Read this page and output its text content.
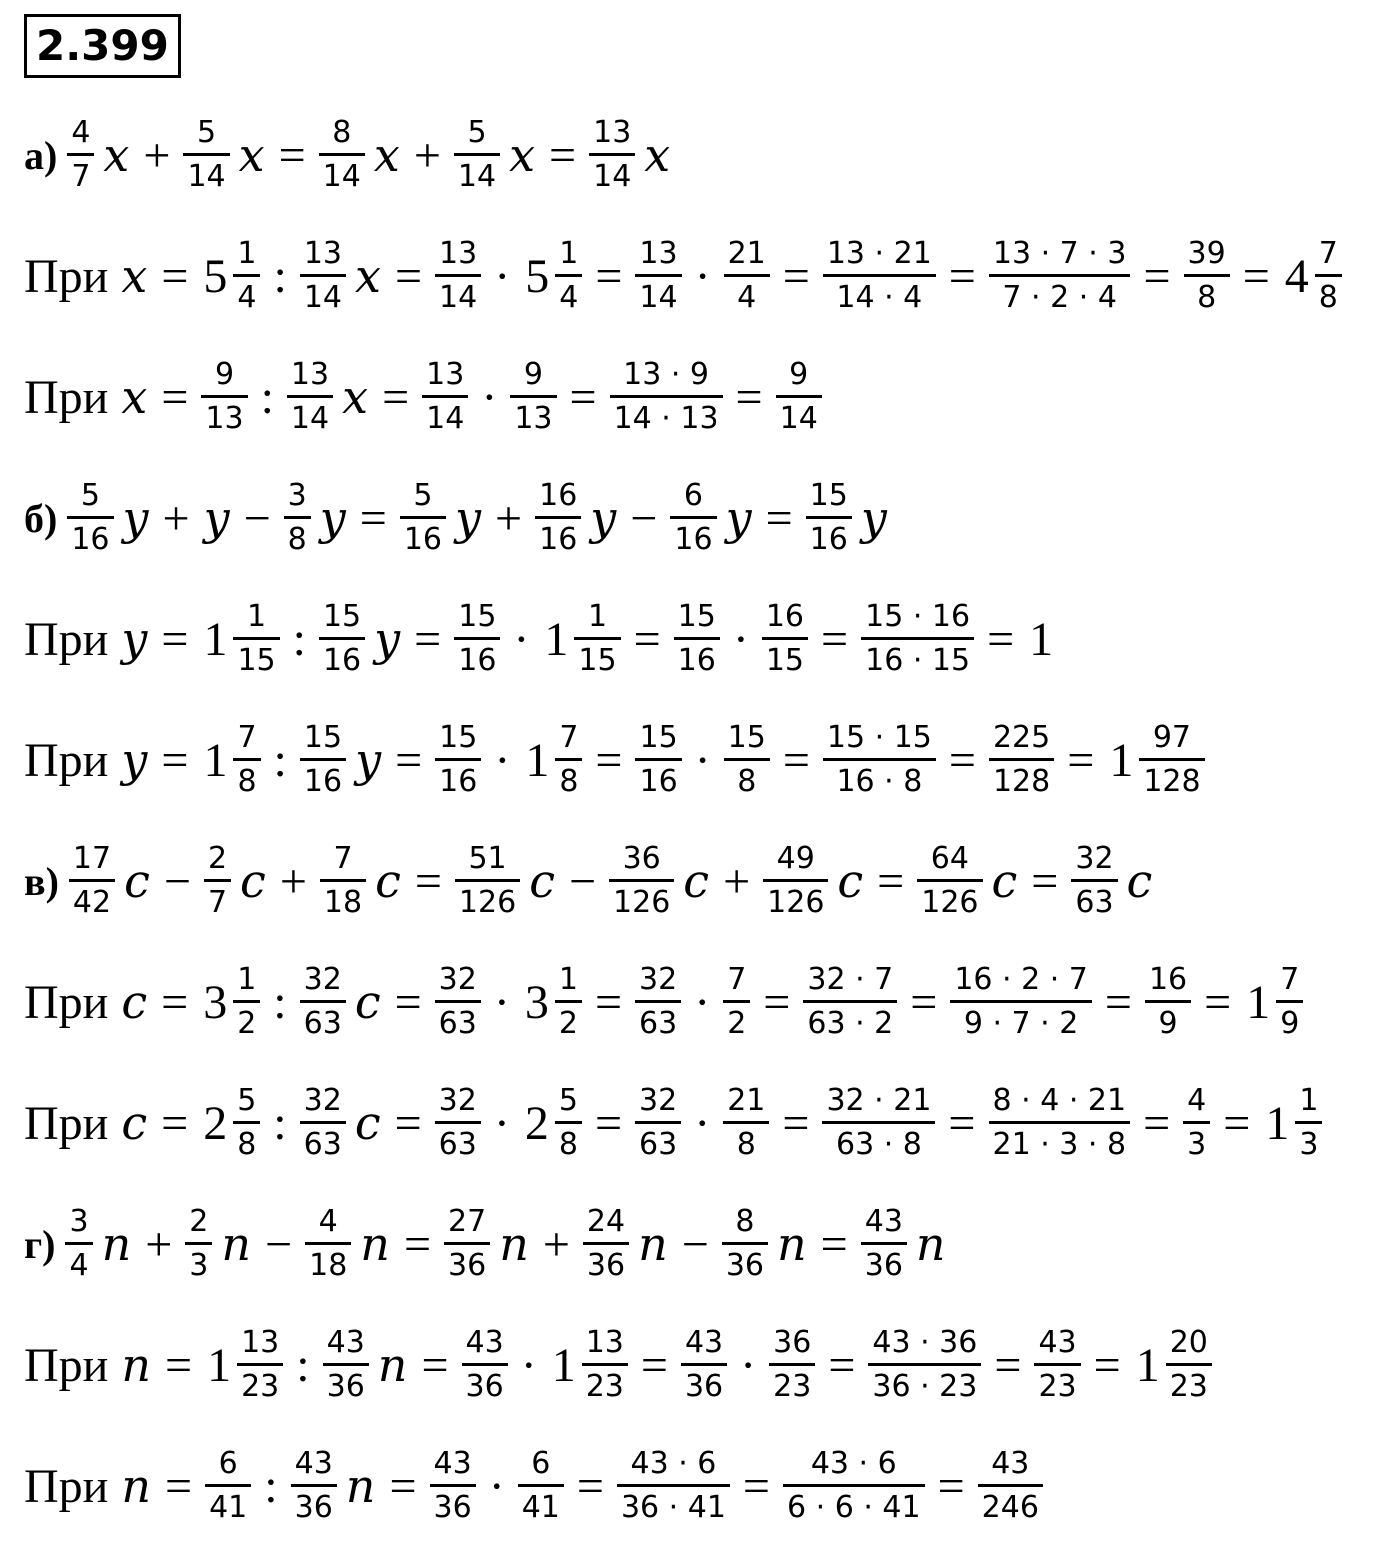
2.399
$а) \frac{4}{7}$ $x + \frac{5}{14}$ $x = \frac{8}{14}$ $x + \frac{5}{14}$ $x = \frac{13}{14}$ x
При $x = 5 \frac{1}{4}$ : $\frac{13}{14}$ $x = \frac{13}{14} \cdot 5 \frac{1}{4} = \frac{13}{14} \cdot \frac{21}{4} = \frac{13 \cdot 21}{14 \cdot 4} = \frac{13 \cdot 7 \cdot 3}{7 \cdot 2 \cdot 4} = \frac{39}{8} = 4 \frac{7}{8}$
При $x = \frac{9}{13}$ : $\frac{13}{14}$ $x = \frac{13}{14} \cdot \frac{9}{13} = \frac{13 \cdot 9}{14 \cdot 13} = \frac{9}{14}$
$б) \frac{5}{16}$ $y + y - \frac{3}{8}$ $y = \frac{5}{16}$ $y + \frac{16}{16}$ $y - \frac{6}{16}$ $y = \frac{15}{16}$ y
При $y = 1 \frac{1}{15}$ : $\frac{15}{16}$ $y = \frac{15}{16} \cdot 1 \frac{1}{15} = \frac{15}{16} \cdot \frac{16}{15} = \frac{15 \cdot 16}{16 \cdot 15} = 1$
При $y = 1 \frac{7}{8}$ : $\frac{15}{16}$ $y = \frac{15}{16} \cdot 1 \frac{7}{8} = \frac{15}{16} \cdot \frac{15}{8} = \frac{15 \cdot 15}{16 \cdot 8} = \frac{225}{128} = 1 \frac{97}{128}$
$в) \frac{17}{42}$ $c - \frac{2}{7}$ $c + \frac{7}{18}$ $c = \frac{51}{126}$ $c - \frac{36}{126}$ $c + \frac{49}{126}$ $c = \frac{64}{126}$ $c = \frac{32}{63}$ c
При $c = 3 \frac{1}{2}$ : $\frac{32}{63}$ $c = \frac{32}{63} \cdot 3 \frac{1}{2} = \frac{32}{63} \cdot \frac{7}{2} = \frac{32 \cdot 7}{63 \cdot 2} = \frac{16 \cdot 2 \cdot 7}{9 \cdot 7 \cdot 2} = \frac{16}{9} = 1 \frac{7}{9}$
При $c = 2 \frac{5}{8}$ : $\frac{32}{63}$ $c = \frac{32}{63} \cdot 2 \frac{5}{8} = \frac{32}{63} \cdot \frac{21}{8} = \frac{32 \cdot 21}{63 \cdot 8} = \frac{8 \cdot 4 \cdot 21}{21 \cdot 3 \cdot 8} = \frac{4}{3} = 1 \frac{1}{3}$
$г) \frac{3}{4}$ $n + \frac{2}{3}$ $n - \frac{4}{18}$ $n = \frac{27}{36}$ $n + \frac{24}{36}$ $n - \frac{8}{36}$ $n = \frac{43}{36}$ n
При $n = 1 \frac{13}{23}$ : $\frac{43}{36}$ $n = \frac{43}{36} \cdot 1 \frac{13}{23} = \frac{43}{36} \cdot \frac{36}{23} = \frac{43 \cdot 36}{36 \cdot 23} = \frac{43}{23} = 1 \frac{20}{23}$
При $n = \frac{6}{41}$ : $\frac{43}{36}$ $n = \frac{43}{36} \cdot \frac{6}{41} = \frac{43 \cdot 6}{36 \cdot 41} = \frac{43 \cdot 6}{6 \cdot 6 \cdot 41} = \frac{43}{246}$
